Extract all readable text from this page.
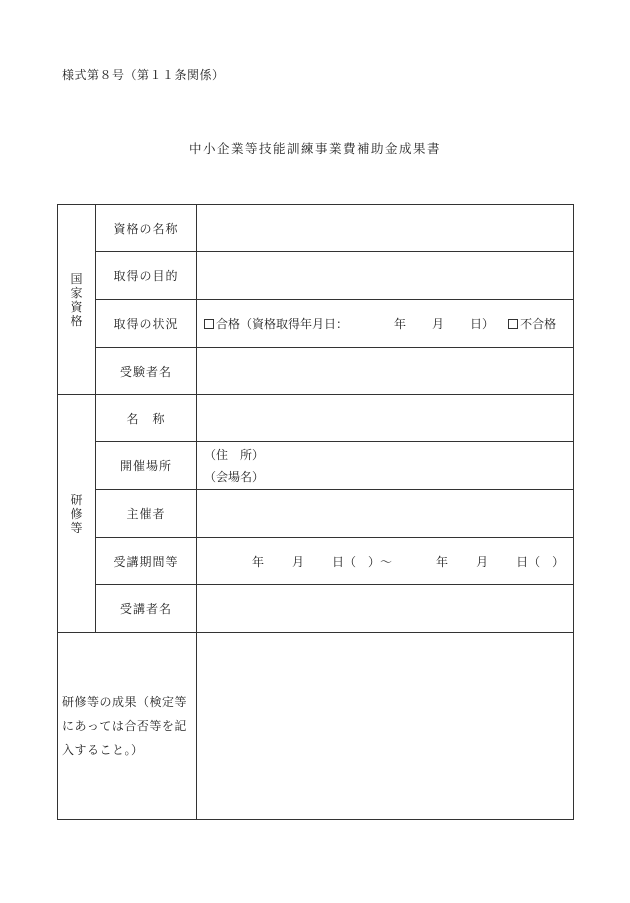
様式第８号（第１１条関係）
中小企業等技能訓練事業費補助金成果書
国家資格	資格の名称	
	取得の目的	
	取得の状況	合格（資格取得年月日： 年 月 日） 不合格
	受験者名	
研修等	名　称	
	開催場所	（住　所）
（会場名）

	主催者	
	受講期間等	年 月 日（　）～ 年 月 日（　）
	受講者名	

研修等の成果（検定等
にあっては合否等を記
入すること。）		
